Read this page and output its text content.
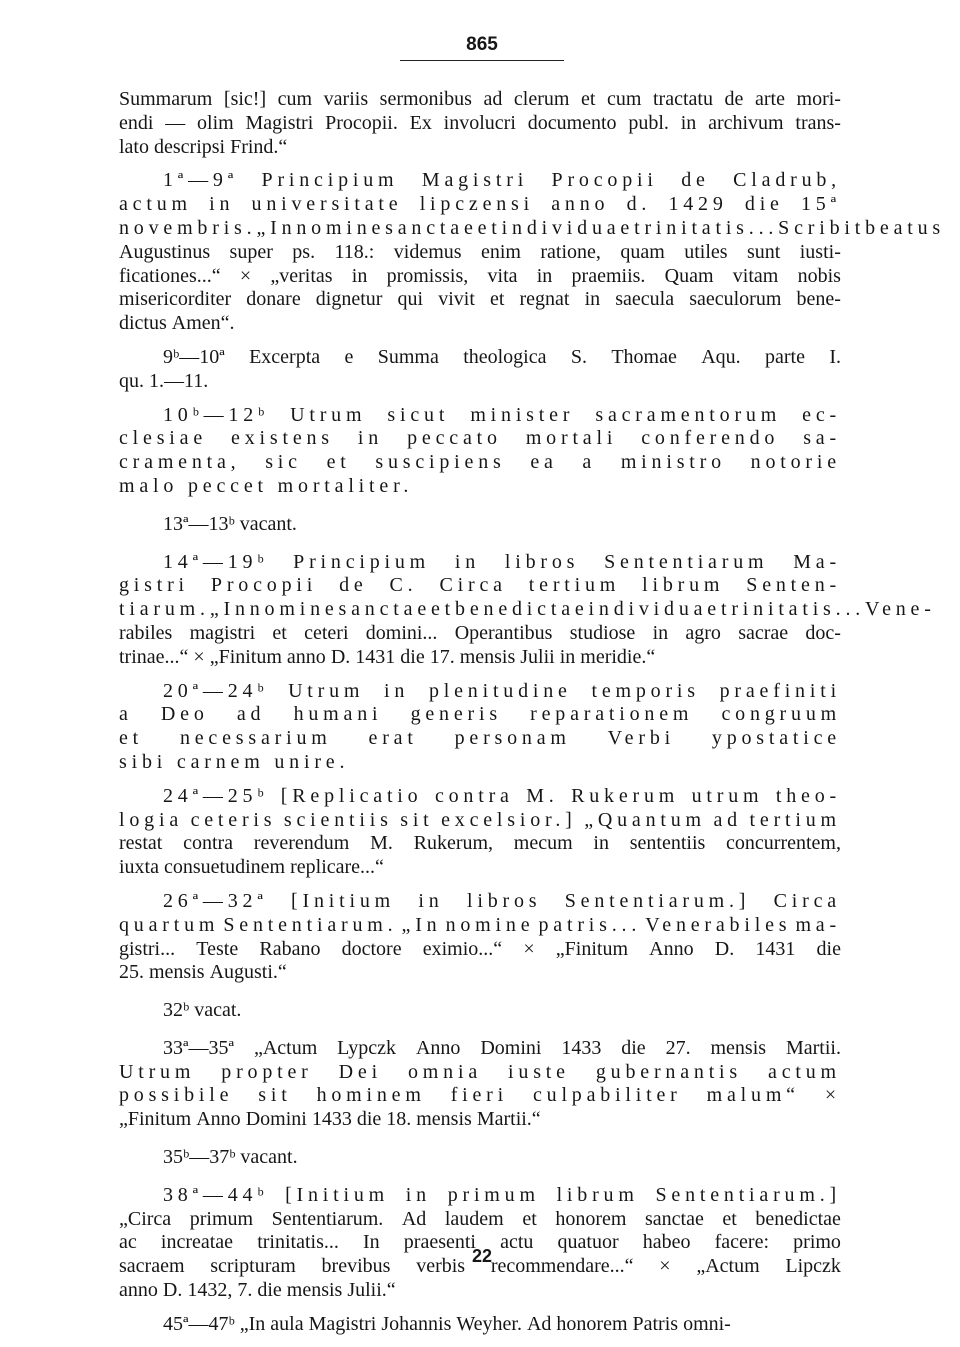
865
Summarum [sic!] cum variis sermonibus ad clerum et cum tractatu de arte mori-
endi — olim Magistri Procopii. Ex involucri documento publ. in archivum trans-
lato descripsi Frind.“
1ª—9ª Principium Magistri Procopii de Cladrub,
actum in universitate lipczensi anno d. 1429 die 15ª
novembris. „In nomine sanctae et individuae trinitatis... Scribit beatus
Augustinus super ps. 118.: videmus enim ratione, quam utiles sunt iusti-
ficationes...“ × „veritas in promissis, vita in praemiis. Quam vitam nobis
misericorditer donare dignetur qui vivit et regnat in saecula saeculorum bene-
dictus Amen“.
9ᵇ—10ª Excerpta e Summa theologica S. Thomae Aqu. parte I.
qu. 1.—11.
10ᵇ—12ᵇ Utrum sicut minister sacramentorum ec-
clesiae existens in peccato mortali conferendo sa-
cramenta, sic et suscipiens ea a ministro notorie
malo peccet mortaliter.
13ª—13ᵇ vacant.
14ª—19ᵇ Principium in libros Sententiarum Ma-
gistri Procopii de C. Circa tertium librum Senten-
tiarum. „In nomine sanctae et benedictae individuae trinitatis... Vene-
rabiles magistri et ceteri domini... Operantibus studiose in agro sacrae doc-
trinae...“ × „Finitum anno D. 1431 die 17. mensis Julii in meridie.“
20ª—24ᵇ Utrum in plenitudine temporis praefiniti
a Deo ad humani generis reparationem congruum
et necessarium erat personam Verbi ypostatice
sibi carnem unire.
24ª—25ᵇ [Replicatio contra M. Rukerum utrum theo-
logia ceteris scientiis sit excelsior.] „Quantum ad tertium
restat contra reverendum M. Rukerum, mecum in sententiis concurrentem,
iuxta consuetudinem replicare...“
26ª—32ª [Initium in libros Sententiarum.] Circa
quartum Sententiarum. „In nomine patris... Venerabiles ma-
gistri... Teste Rabano doctore eximio...“ × „Finitum Anno D. 1431 die
25. mensis Augusti.“
32ᵇ vacat.
33ª—35ª „Actum Lypczk Anno Domini 1433 die 27. mensis Martii.
Utrum propter Dei omnia iuste gubernantis actum
possibile sit hominem fieri culpabiliter malum“ ×
„Finitum Anno Domini 1433 die 18. mensis Martii.“
35ᵇ—37ᵇ vacant.
38ª—44ᵇ [Initium in primum librum Sententiarum.]
„Circa primum Sententiarum. Ad laudem et honorem sanctae et benedictae
ac increatae trinitatis... In praesenti actu quatuor habeo facere: primo
sacraem scripturam brevibus verbis recommendare...“ × „Actum Lipczk
anno D. 1432, 7. die mensis Julii.“
45ª—47ᵇ „In aula Magistri Johannis Weyher. Ad honorem Patris omni-
22
